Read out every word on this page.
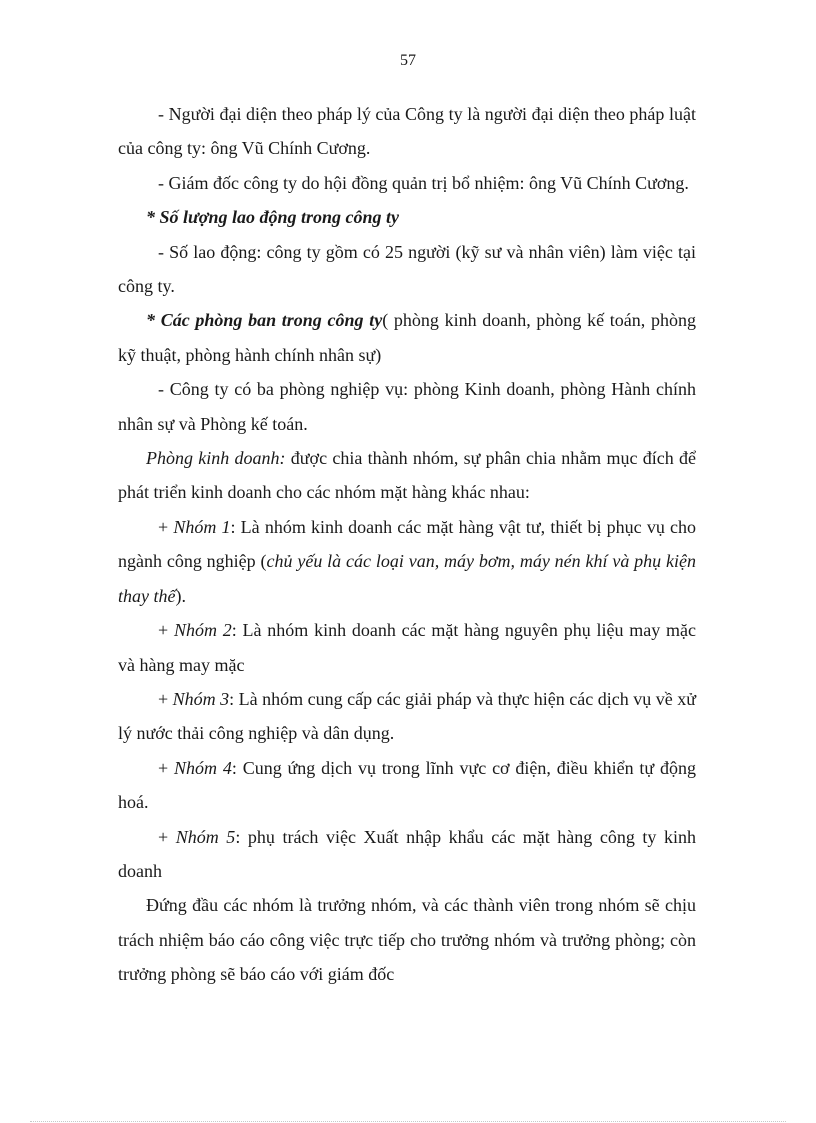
57

- Người đại diện theo pháp lý của Công ty là người đại diện theo pháp luật của công ty: ông Vũ Chính Cương.

- Giám đốc công ty do hội đồng quản trị bổ nhiệm: ông Vũ Chính Cương.

* Số lượng lao động trong công ty

- Số lao động: công ty gồm có 25 người (kỹ sư và nhân viên) làm việc tại công ty.

* Các phòng ban trong công ty( phòng kinh doanh, phòng kế toán, phòng kỹ thuật, phòng hành chính nhân sự)

- Công ty có ba phòng nghiệp vụ: phòng Kinh doanh, phòng Hành chính nhân sự và Phòng kế toán.

Phòng kinh doanh: được chia thành nhóm, sự phân chia nhằm mục đích để phát triển kinh doanh cho các nhóm mặt hàng khác nhau:

+ Nhóm 1: Là nhóm kinh doanh các mặt hàng vật tư, thiết bị phục vụ cho ngành công nghiệp (chủ yếu là các loại van, máy bơm, máy nén khí và phụ kiện thay thế).

+ Nhóm 2: Là nhóm kinh doanh các mặt hàng nguyên phụ liệu may mặc và hàng may mặc

+ Nhóm 3: Là nhóm cung cấp các giải pháp và thực hiện các dịch vụ về xử lý nước thải công nghiệp và dân dụng.

+ Nhóm 4: Cung ứng dịch vụ trong lĩnh vực cơ điện, điều khiển tự động hoá.

+ Nhóm 5: phụ trách việc Xuất nhập khẩu các mặt hàng công ty kinh doanh

Đứng đầu các nhóm là trưởng nhóm, và các thành viên trong nhóm sẽ chịu trách nhiệm báo cáo công việc trực tiếp cho trưởng nhóm và trưởng phòng; còn trưởng phòng sẽ báo cáo với giám đốc
